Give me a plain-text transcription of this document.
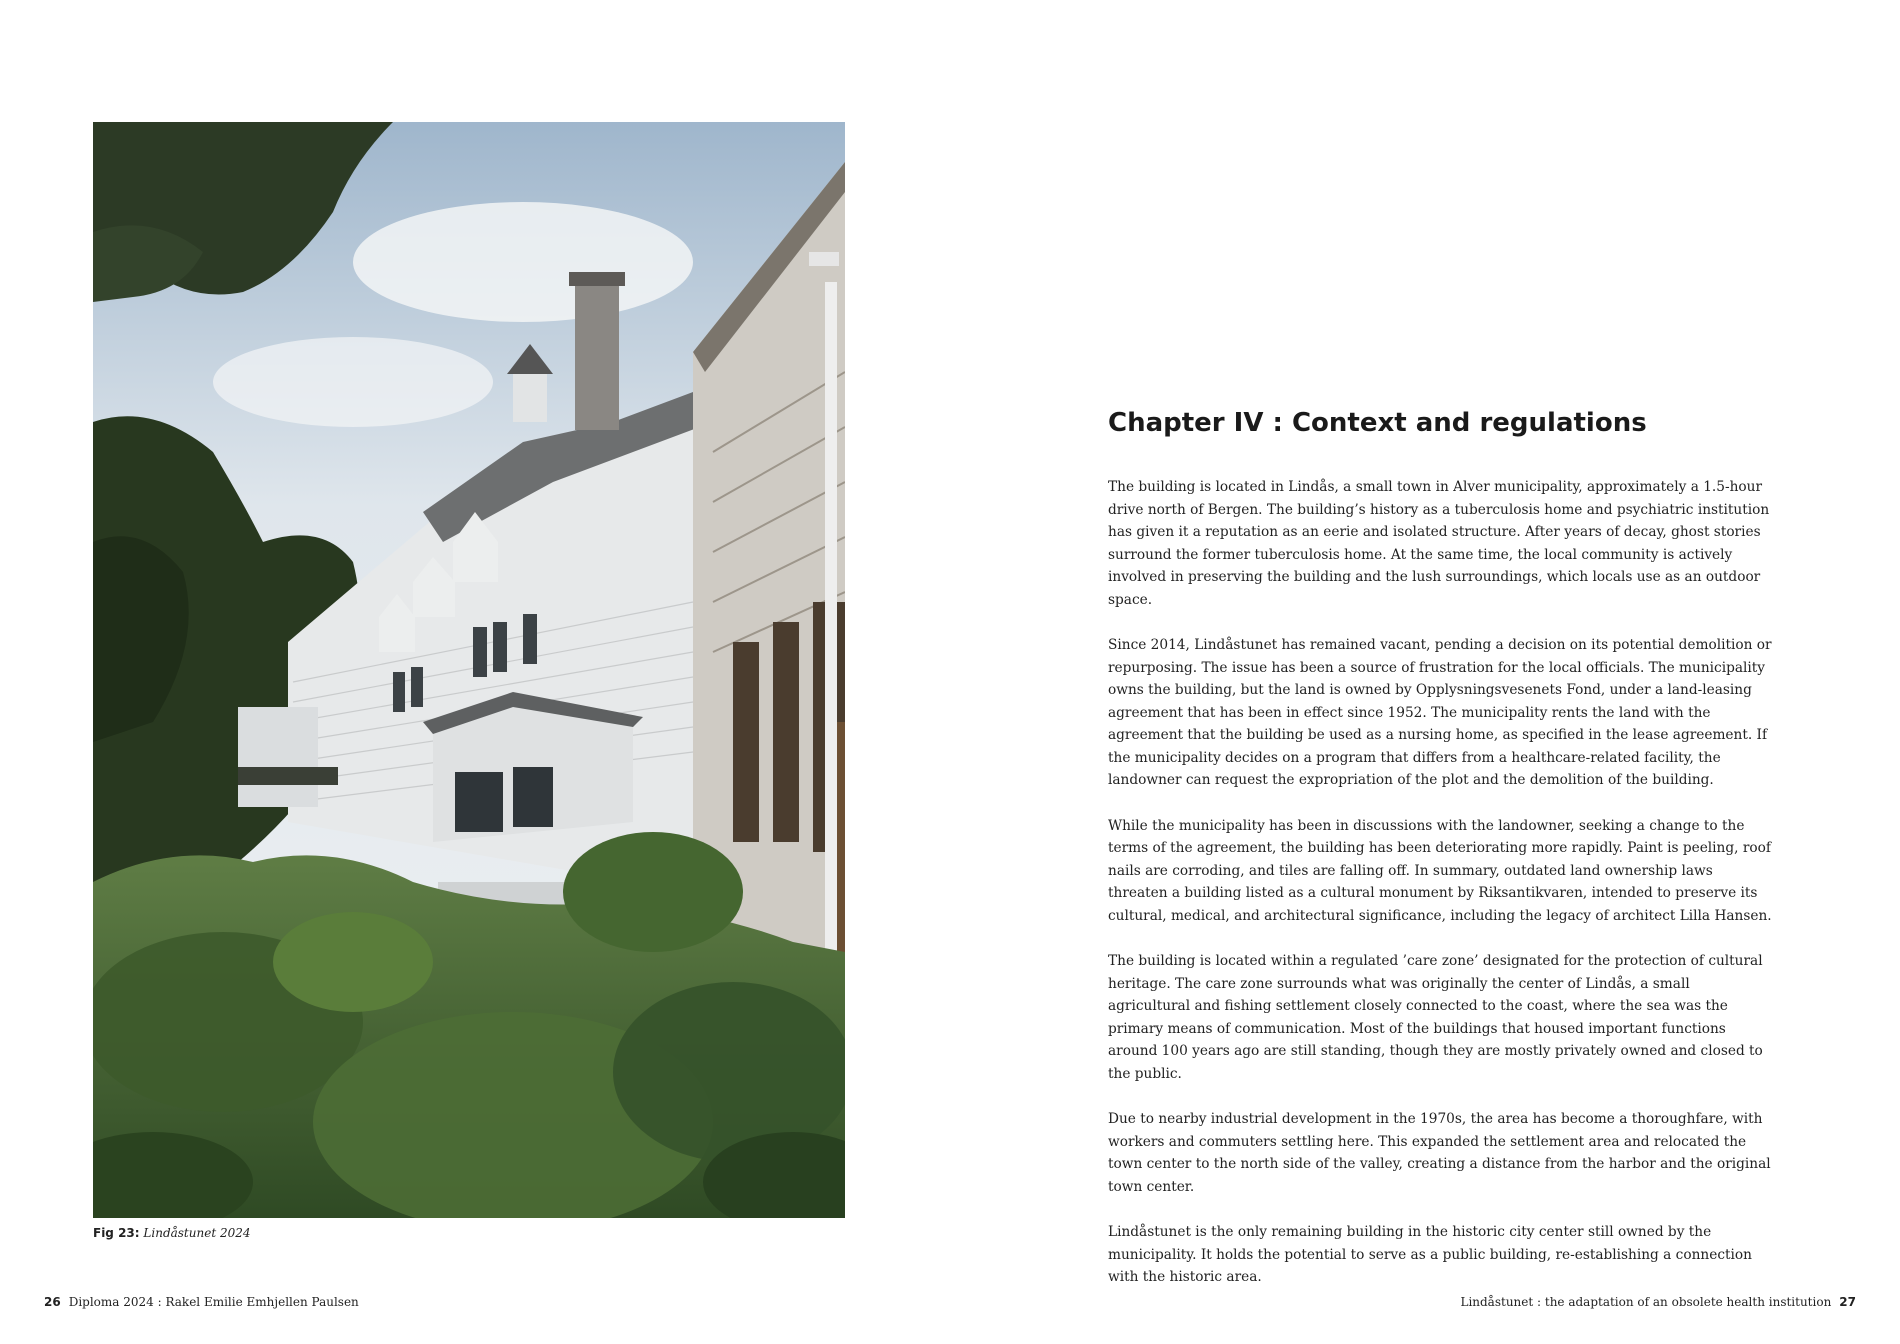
Fig 23: Lindåstunet 2024
26 Diploma 2024 : Rakel Emilie Emhjellen Paulsen	Lindåstunet : the adaptation of an obsolete health institution 27
Chapter IV : Context and regulations

The building is located in Lindås, a small town in Alver municipality, approximately a 1.5-hour drive north of Bergen. The building’s history as a tuberculosis home and psychiatric institution has given it a reputation as an eerie and isolated structure. After years of decay, ghost stories surround the former tuberculosis home. At the same time, the local community is actively involved in preserving the building and the lush surroundings, which locals use as an outdoor space.

Since 2014, Lindåstunet has remained vacant, pending a decision on its potential demolition or repurposing. The issue has been a source of frustration for the local officials. The municipality owns the building, but the land is owned by Opplysningsvesenets Fond, under a land-leasing agreement that has been in effect since 1952. The municipality rents the land with the agreement that the building be used as a nursing home, as specified in the lease agreement. If the municipality decides on a program that differs from a healthcare-related facility, the landowner can request the expropriation of the plot and the demolition of the building.

While the municipality has been in discussions with the landowner, seeking a change to the terms of the agreement, the building has been deteriorating more rapidly. Paint is peeling, roof nails are corroding, and tiles are falling off. In summary, outdated land ownership laws threaten a building listed as a cultural monument by Riksantikvaren, intended to preserve its cultural, medical, and architectural significance, including the legacy of architect Lilla Hansen.

The building is located within a regulated ’care zone’ designated for the protection of cultural heritage. The care zone surrounds what was originally the center of Lindås, a small agricultural and fishing settlement closely connected to the coast, where the sea was the primary means of communication. Most of the buildings that housed important functions around 100 years ago are still standing, though they are mostly privately owned and closed to the public.

Due to nearby industrial development in the 1970s, the area has become a thoroughfare, with workers and commuters settling here. This expanded the settlement area and relocated the town center to the north side of the valley, creating a distance from the harbor and the original town center.

Lindåstunet is the only remaining building in the historic city center still owned by the municipality. It holds the potential to serve as a public building, re-establishing a connection with the historic area.
